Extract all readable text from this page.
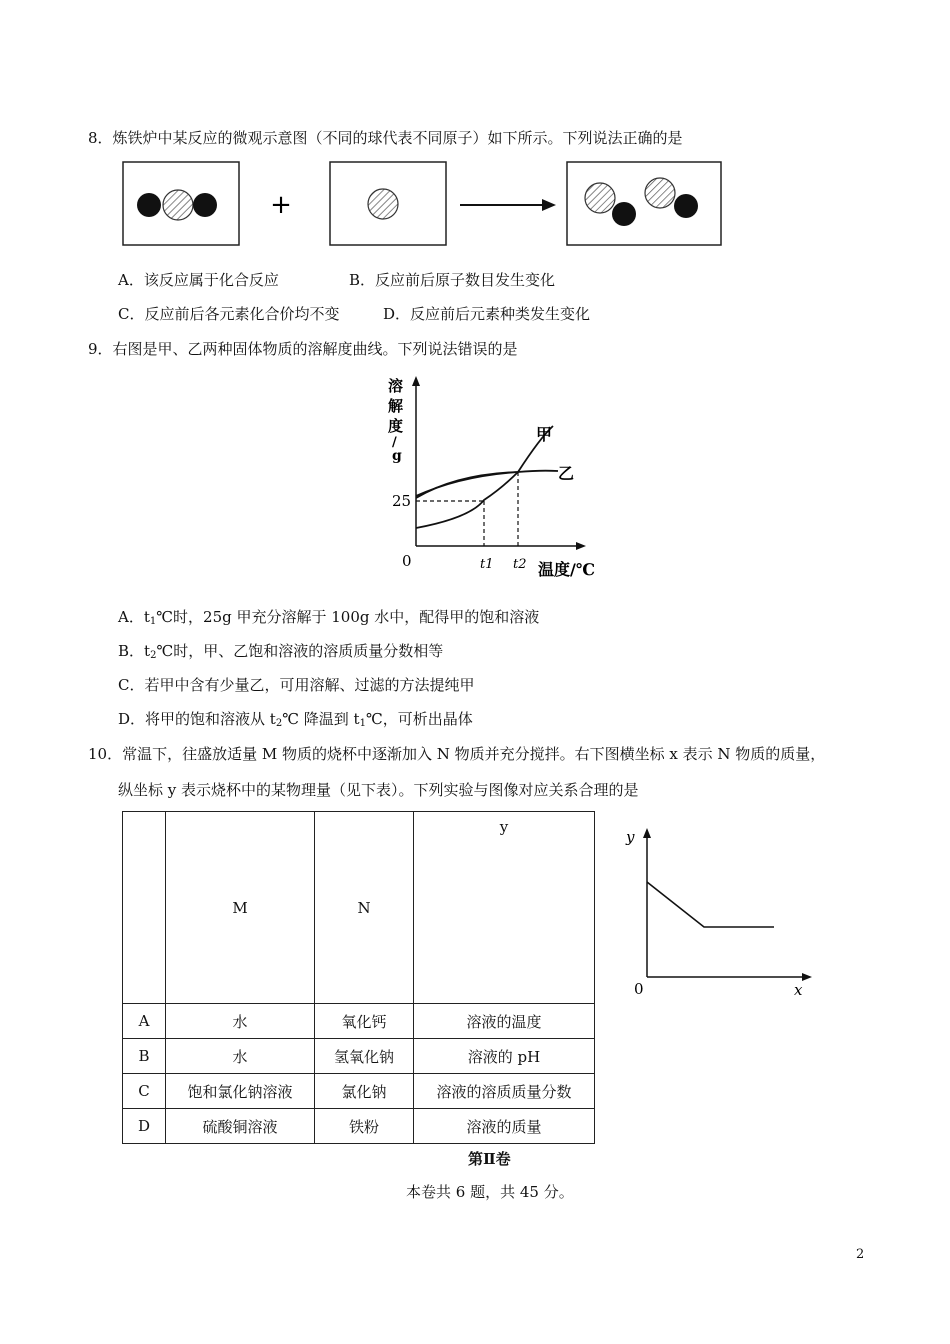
8．炼铁炉中某反应的微观示意图（不同的球代表不同原子）如下所示。下列说法正确的是
+
A．该反应属于化合反应	B．反应前后原子数目发生变化
C．反应前后各元素化合价均不变	D．反应前后元素种类发生变化
9．右图是甲、乙两种固体物质的溶解度曲线。下列说法错误的是
溶
解
度
/
g
25
0	t1 t2 温度/℃
甲
乙
A．$t_1℃$时，25g 甲充分溶解于 100g 水中，配得甲的饱和溶液
B．$t_2℃$时，甲、乙饱和溶液的溶质质量分数相等
C．若甲中含有少量乙，可用溶解、过滤的方法提纯甲
D．将甲的饱和溶液从 $t_2℃$ 降温到 $t_1℃$，可析出晶体
10．常温下，往盛放适量 M 物质的烧杯中逐渐加入 N 物质并充分搅拌。右下图横坐标 x 表示 N 物质的质量，
纵坐标 y 表示烧杯中的某物理量（见下表）。下列实验与图像对应关系合理的是
	M	N	y
A	水	氧化钙	溶液的温度
B	水	氢氧化钠	溶液的 pH
C	饱和氯化钠溶液	氯化钠	溶液的溶质质量分数
D	硫酸铜溶液	铁粉	溶液的质量
y
x
0
第Ⅱ卷
本卷共 6 题，共 45 分。
2
